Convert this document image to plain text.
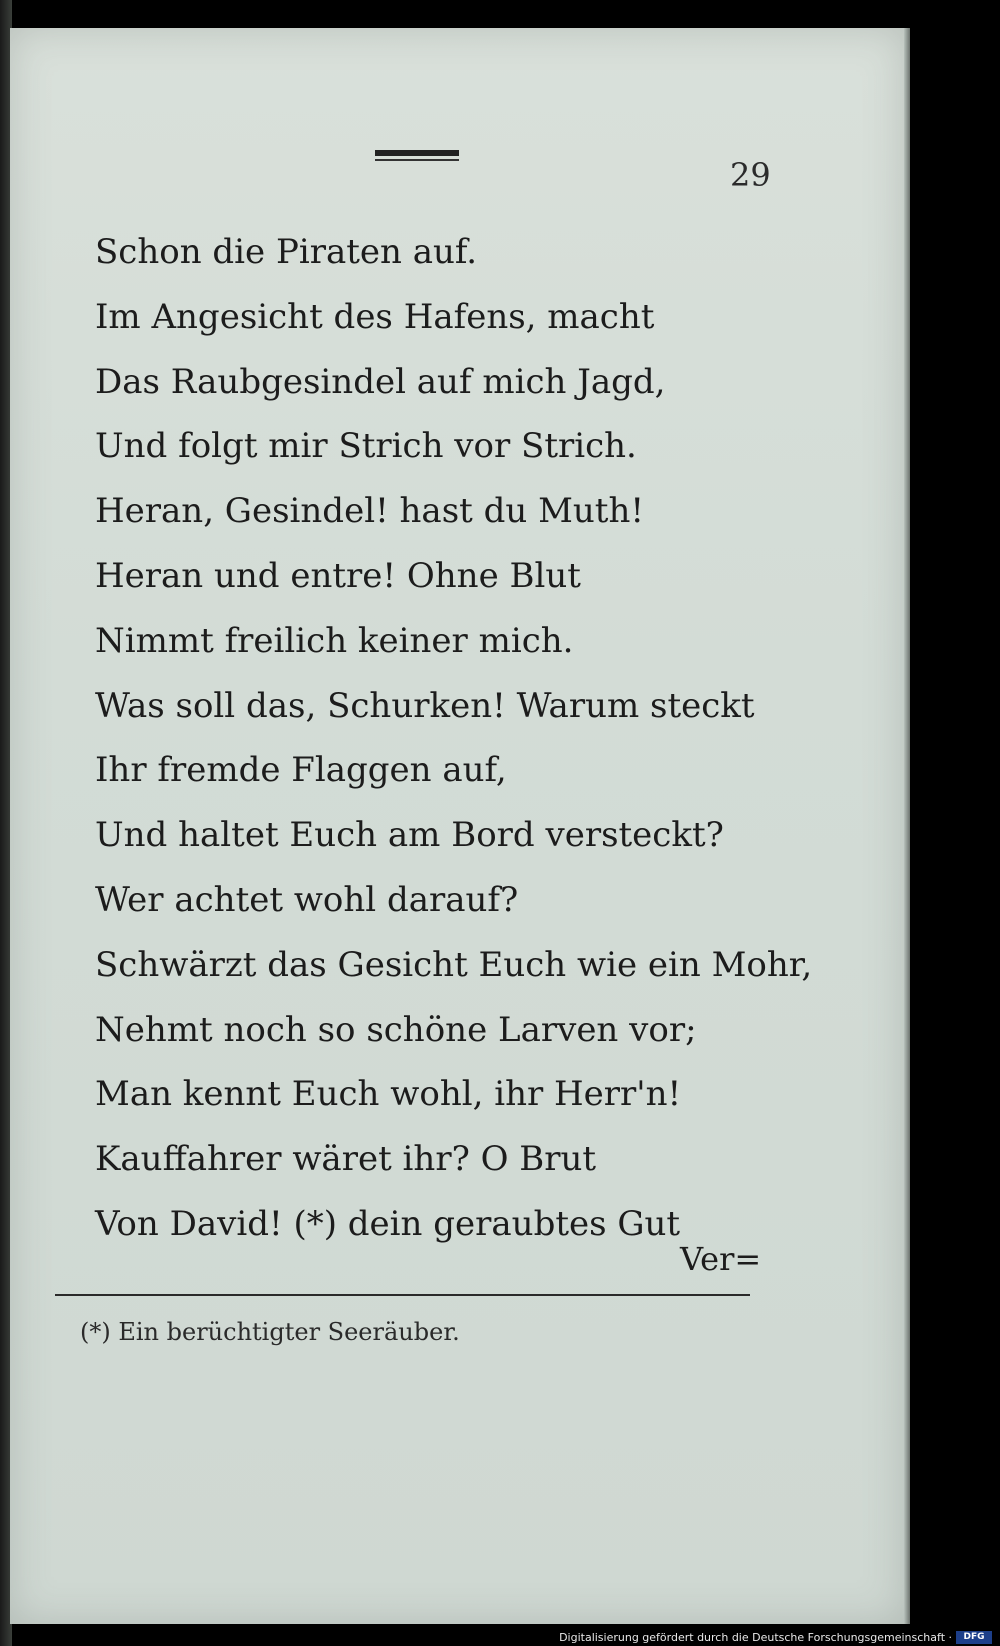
29
Schon die Piraten auf.
Im Angesicht des Hafens, macht
Das Raubgesindel auf mich Jagd,
Und folgt mir Strich vor Strich.
Heran, Gesindel! hast du Muth!
Heran und entre! Ohne Blut
Nimmt freilich keiner mich.
Was soll das, Schurken! Warum steckt
Ihr fremde Flaggen auf,
Und haltet Euch am Bord versteckt?
Wer achtet wohl darauf?
Schwärzt das Gesicht Euch wie ein Mohr,
Nehmt noch so schöne Larven vor;
Man kennt Euch wohl, ihr Herr'n!
Kauffahrer wäret ihr? O Brut
Von David! (*) dein geraubtes Gut
Ver=
(*) Ein berüchtigter Seeräuber.
Digitalisierung gefördert durch die Deutsche Forschungsgemeinschaft ·	DFG
